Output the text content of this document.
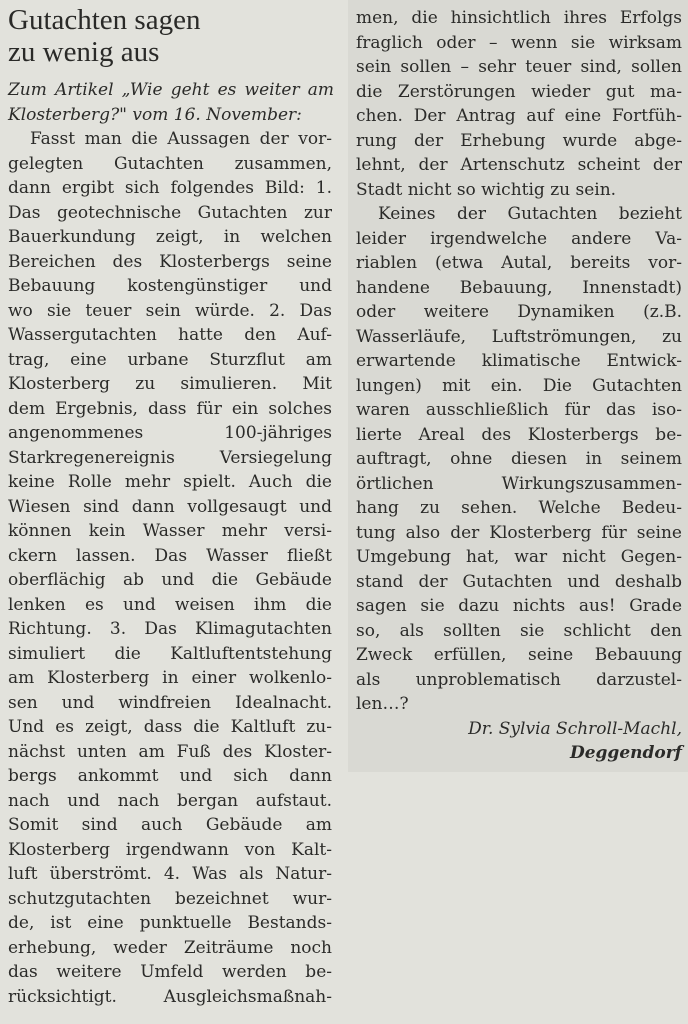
Gutachten sagen
zu wenig aus
Zum Artikel „Wie geht es weiter am
Klosterberg?" vom 16. November:
Fasst man die Aussagen der vor-
gelegten Gutachten zusammen,
dann ergibt sich folgendes Bild: 1.
Das geotechnische Gutachten zur
Bauerkundung zeigt, in welchen
Bereichen des Klosterbergs seine
Bebauung kostengünstiger und
wo sie teuer sein würde. 2. Das
Wassergutachten hatte den Auf-
trag, eine urbane Sturzflut am
Klosterberg zu simulieren. Mit
dem Ergebnis, dass für ein solches
angenommenes 100-jähriges
Starkregenereignis Versiegelung
keine Rolle mehr spielt. Auch die
Wiesen sind dann vollgesaugt und
können kein Wasser mehr versi-
ckern lassen. Das Wasser fließt
oberflächig ab und die Gebäude
lenken es und weisen ihm die
Richtung. 3. Das Klimagutachten
simuliert die Kaltluftentstehung
am Klosterberg in einer wolkenlo-
sen und windfreien Idealnacht.
Und es zeigt, dass die Kaltluft zu-
nächst unten am Fuß des Kloster-
bergs ankommt und sich dann
nach und nach bergan aufstaut.
Somit sind auch Gebäude am
Klosterberg irgendwann von Kalt-
luft überströmt. 4. Was als Natur-
schutzgutachten bezeichnet wur-
de, ist eine punktuelle Bestands-
erhebung, weder Zeiträume noch
das weitere Umfeld werden be-
rücksichtigt. Ausgleichsmaßnah-
men, die hinsichtlich ihres Erfolgs
fraglich oder – wenn sie wirksam
sein sollen – sehr teuer sind, sollen
die Zerstörungen wieder gut ma-
chen. Der Antrag auf eine Fortfüh-
rung der Erhebung wurde abge-
lehnt, der Artenschutz scheint der
Stadt nicht so wichtig zu sein.
Keines der Gutachten bezieht
leider irgendwelche andere Va-
riablen (etwa Autal, bereits vor-
handene Bebauung, Innenstadt)
oder weitere Dynamiken (z.B.
Wasserläufe, Luftströmungen, zu
erwartende klimatische Entwick-
lungen) mit ein. Die Gutachten
waren ausschließlich für das iso-
lierte Areal des Klosterbergs be-
auftragt, ohne diesen in seinem
örtlichen Wirkungszusammen-
hang zu sehen. Welche Bedeu-
tung also der Klosterberg für seine
Umgebung hat, war nicht Gegen-
stand der Gutachten und deshalb
sagen sie dazu nichts aus! Grade
so, als sollten sie schlicht den
Zweck erfüllen, seine Bebauung
als unproblematisch darzustel-
len…?
Dr. Sylvia Schroll-Machl,
Deggendorf
